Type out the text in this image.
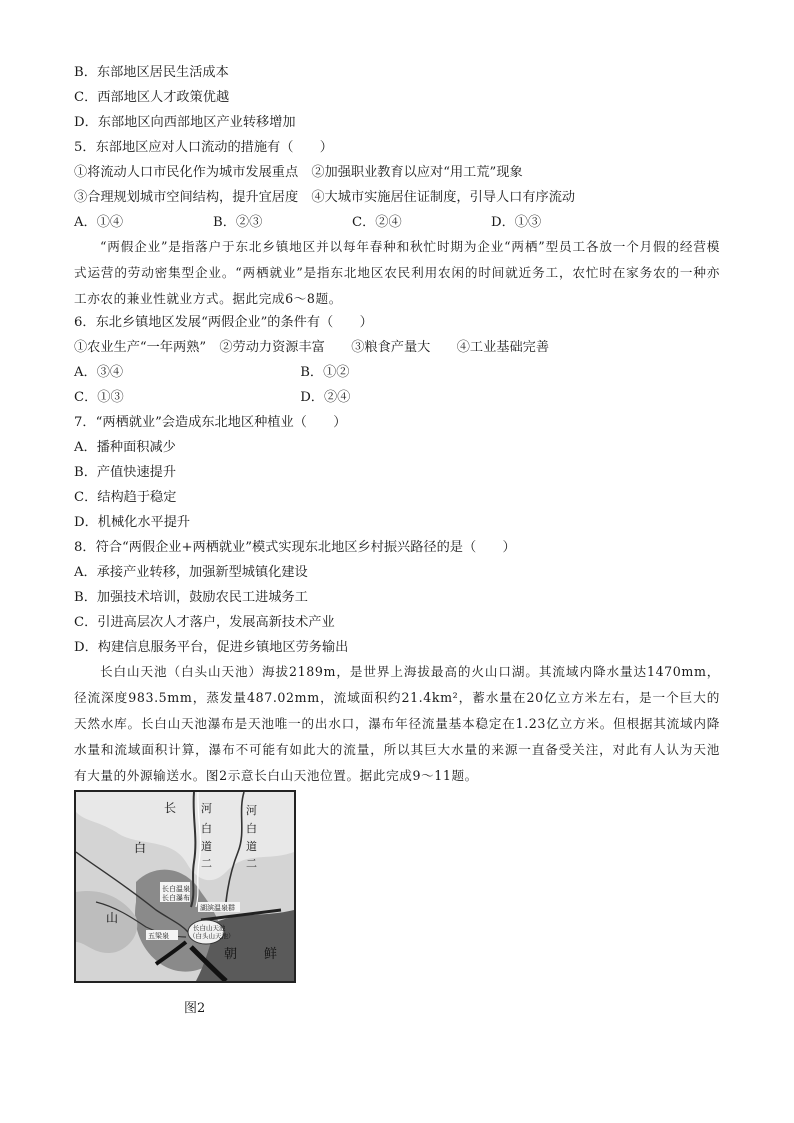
B．东部地区居民生活成本
C．西部地区人才政策优越
D．东部地区向西部地区产业转移增加
5．东部地区应对人口流动的措施有（　　）
①将流动人口市民化作为城市发展重点　②加强职业教育以应对“用工荒”现象
③合理规划城市空间结构，提升宜居度　④大城市实施居住证制度，引导人口有序流动
A．①④	B．②③	C．②④	D．①③
“两假企业”是指落户于东北乡镇地区并以每年春种和秋忙时期为企业“两栖”型员工各放一个月假的经营模式运营的劳动密集型企业。“两栖就业”是指东北地区农民利用农闲的时间就近务工，农忙时在家务农的一种亦工亦农的兼业性就业方式。据此完成6～8题。
6．东北乡镇地区发展“两假企业”的条件有（　　）
①农业生产“一年两熟”　②劳动力资源丰富　　③粮食产量大　　④工业基础完善
A．③④	B．①②
C．①③	D．②④
7．“两栖就业”会造成东北地区种植业（　　）
A．播种面积减少
B．产值快速提升
C．结构趋于稳定
D．机械化水平提升
8．符合“两假企业+两栖就业”模式实现东北地区乡村振兴路径的是（　　）
A．承接产业转移，加强新型城镇化建设
B．加强技术培训，鼓励农民工进城务工
C．引进高层次人才落户，发展高新技术产业
D．构建信息服务平台，促进乡镇地区劳务输出
长白山天池（白头山天池）海拔2189m，是世界上海拔最高的火山口湖。其流域内降水量达1470mm，径流深度983.5mm，蒸发量487.02mm，流域面积约21.4km²，蓄水量在20亿立方米左右，是一个巨大的天然水库。长白山天池瀑布是天池唯一的出水口，瀑布年径流量基本稳定在1.23亿立方米。但根据其流域内降水量和流域面积计算，瀑布不可能有如此大的流量，所以其巨大水量的来源一直备受关注，对此有人认为天池有大量的外源输送水。图2示意长白山天池位置。据此完成9～11题。
长
白
山
河
白
道
二
河
白
道
二
长白温泉
长白瀑布
湖滨温泉群
长白山天池
（白头山天池）
五梁泉
朝 鲜
图2
